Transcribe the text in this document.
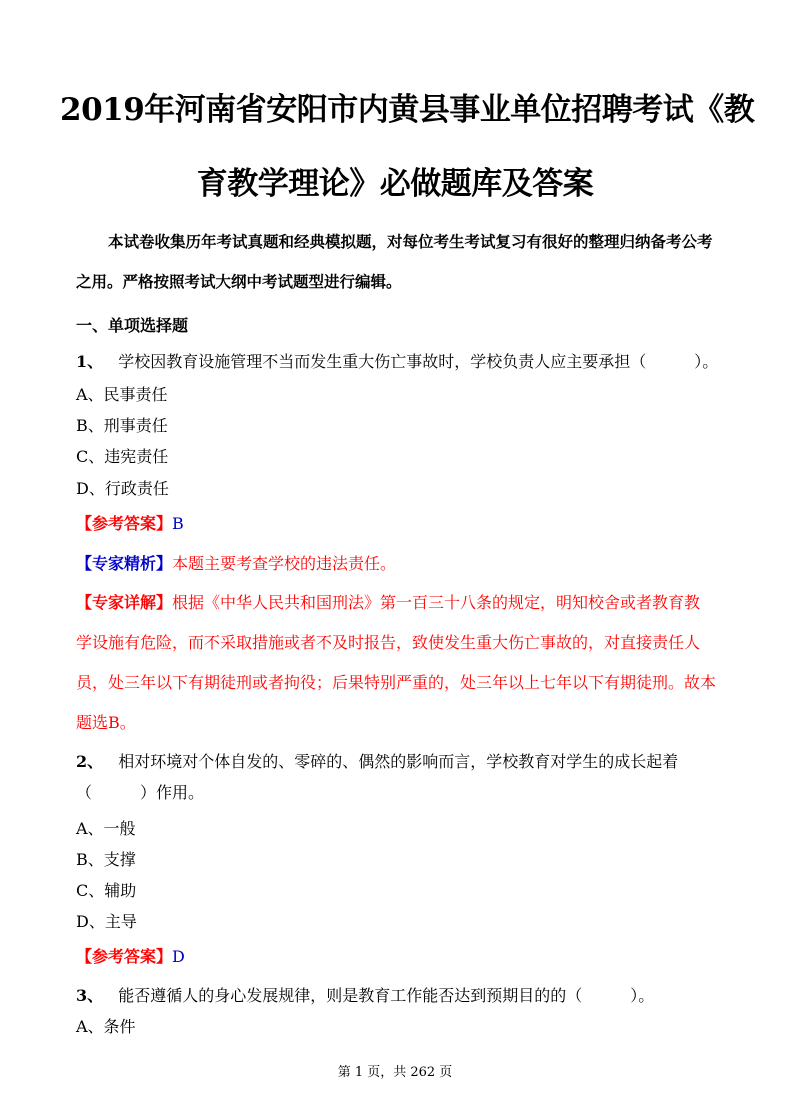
2019年河南省安阳市内黄县事业单位招聘考试《教
育教学理论》必做题库及答案
本试卷收集历年考试真题和经典模拟题，对每位考生考试复习有很好的整理归纳备考公考之用。严格按照考试大纲中考试题型进行编辑。
一、单项选择题
1、 学校因教育设施管理不当而发生重大伤亡事故时，学校负责人应主要承担（　　　）。
A、民事责任
B、刑事责任
C、违宪责任
D、行政责任
【参考答案】B
【专家精析】本题主要考查学校的违法责任。
【专家详解】根据《中华人民共和国刑法》第一百三十八条的规定，明知校舍或者教育教学设施有危险，而不采取措施或者不及时报告，致使发生重大伤亡事故的，对直接责任人员，处三年以下有期徒刑或者拘役；后果特别严重的，处三年以上七年以下有期徒刑。故本题选B。
2、 相对环境对个体自发的、零碎的、偶然的影响而言，学校教育对学生的成长起着（　　　）作用。
A、一般
B、支撑
C、辅助
D、主导
【参考答案】D
3、 能否遵循人的身心发展规律，则是教育工作能否达到预期目的的（　　　）。
A、条件
第 1 页，共 262 页
